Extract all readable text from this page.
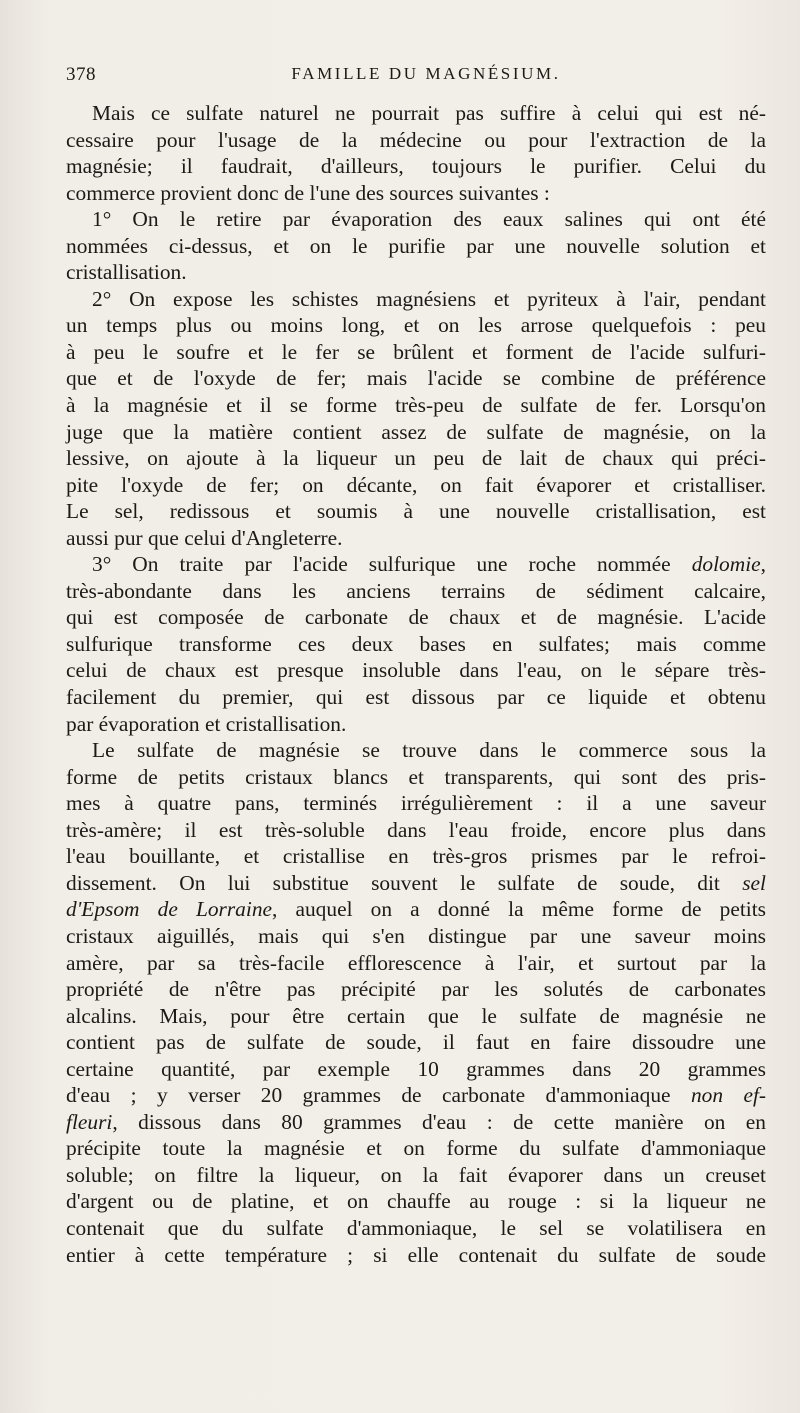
378	FAMILLE DU MAGNÉSIUM.
Mais ce sulfate naturel ne pourrait pas suffire à celui qui est né-
cessaire pour l'usage de la médecine ou pour l'extraction de la
magnésie; il faudrait, d'ailleurs, toujours le purifier. Celui du
commerce provient donc de l'une des sources suivantes :
1° On le retire par évaporation des eaux salines qui ont été
nommées ci-dessus, et on le purifie par une nouvelle solution et
cristallisation.
2° On expose les schistes magnésiens et pyriteux à l'air, pendant
un temps plus ou moins long, et on les arrose quelquefois : peu
à peu le soufre et le fer se brûlent et forment de l'acide sulfuri-
que et de l'oxyde de fer; mais l'acide se combine de préférence
à la magnésie et il se forme très-peu de sulfate de fer. Lorsqu'on
juge que la matière contient assez de sulfate de magnésie, on la
lessive, on ajoute à la liqueur un peu de lait de chaux qui préci-
pite l'oxyde de fer; on décante, on fait évaporer et cristalliser.
Le sel, redissous et soumis à une nouvelle cristallisation, est
aussi pur que celui d'Angleterre.
3° On traite par l'acide sulfurique une roche nommée dolomie,
très-abondante dans les anciens terrains de sédiment calcaire,
qui est composée de carbonate de chaux et de magnésie. L'acide
sulfurique transforme ces deux bases en sulfates; mais comme
celui de chaux est presque insoluble dans l'eau, on le sépare très-
facilement du premier, qui est dissous par ce liquide et obtenu
par évaporation et cristallisation.
Le sulfate de magnésie se trouve dans le commerce sous la
forme de petits cristaux blancs et transparents, qui sont des pris-
mes à quatre pans, terminés irrégulièrement : il a une saveur
très-amère; il est très-soluble dans l'eau froide, encore plus dans
l'eau bouillante, et cristallise en très-gros prismes par le refroi-
dissement. On lui substitue souvent le sulfate de soude, dit sel
d'Epsom de Lorraine, auquel on a donné la même forme de petits
cristaux aiguillés, mais qui s'en distingue par une saveur moins
amère, par sa très-facile efflorescence à l'air, et surtout par la
propriété de n'être pas précipité par les solutés de carbonates
alcalins. Mais, pour être certain que le sulfate de magnésie ne
contient pas de sulfate de soude, il faut en faire dissoudre une
certaine quantité, par exemple 10 grammes dans 20 grammes
d'eau ; y verser 20 grammes de carbonate d'ammoniaque non ef-
fleuri, dissous dans 80 grammes d'eau : de cette manière on en
précipite toute la magnésie et on forme du sulfate d'ammoniaque
soluble; on filtre la liqueur, on la fait évaporer dans un creuset
d'argent ou de platine, et on chauffe au rouge : si la liqueur ne
contenait que du sulfate d'ammoniaque, le sel se volatilisera en
entier à cette température ; si elle contenait du sulfate de soude
